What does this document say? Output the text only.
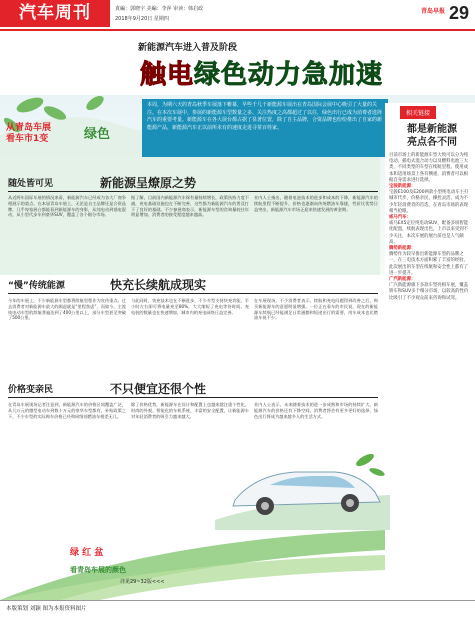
汽车周刊	責編：郭晓宇 美編：李萍 审读：韩启政
2018年9月20日 星期四
青岛早报 29
新能源汽车进入普及阶段
触电绿色动力急加速
从青岛车展
看车市1变	绿色
本周，为期六天的青岛秋季车展落下帷幕，早些千几千新能源车展出在青岛国际会展中心吸引了大量的关注。在本次车展中，参展的新能源车型数量之多、关注热度之高都超过了以往，绿色出行已成为消费者选择汽车的重要考量。新能源车在各大展台都占据了显著位置，除了自主品牌，合资品牌也纷纷推出了自家的新能源产品，新能源汽车正以前所未有的速度走进寻常百姓家。
相关链接
都是新能源
亮点各不同
目前市场上的新能源车型大致可以分为纯电动、插电式混合动力以及燃料电池三大类，不同类型的车型在续航里程、使用成本和适用场景上各有侧重，消费者可以根据自身需求进行选择。
宝骏新能源：
宝骏E100及E200两款小型纯电动车主打城市代步，价格亲民，操控灵活，成为不少年轻消费者的首选，在青岛市场的表现相当抢眼。
威马汽车：
威马EX5定位纯电动SUV，配备多项智能化配置，续航表现出色，上市以来受到不少关注，本次车展的展台前也是人气颇高。
腾势新能源：
腾势作为较早推出新能源车型的品牌之一，在三电技术方面积累了丰富的经验，此次展出的车型在续航和安全性上都有了进一步提升。
广汽新能源：
广汽新能源旗下多款车型亮相车展，覆盖轿车和SUV多个细分市场，以较高的性价比吸引了不少观众前来咨询和试驾。
随处皆可见	新能源呈燎原之势
从近两年国际车展的情况来看，新能源汽车已经成为各大厂商争相展示的重点。在本届青岛车展上，无论是自主品牌还是合资品牌，几乎每家展台都能看到新能源车的身影，从纯电动到插电混动，从小型代步车到豪华SUV，覆盖了各个细分市场。
据了解，目前国内新能源汽车保有量持续增长，政策扶持力度不减，充电基础设施也在不断完善，这些都为新能源汽车的普及打下了良好的基础。不少参展商表示，新能源车型的咨询量较往年明显增加，消费者的接受程度越来越高。
业内人士指出，随着电池技术的进步和成本的下降，新能源汽车的续航里程不断提升，价格也逐渐向传统燃油车靠拢，性价比优势日益突出，新能源汽车市场正迎来快速发展的黄金期。
“慢”传统能源	快充长续航成现实
今年的车展上，不少新能源车型都将续航里程作为宣传重点。过去消费者对新能源车最大的顾虑就是“里程焦虑”，而如今，主流纯电动车型的续航普遍达到了400公里以上，部分车型甚至突破了500公里。
与此同时，快充技术也在不断进步，不少车型支持快充功能，半小时左右即可将电量充至80%，大大缩短了充电等待时间。充电桩的数量也在快速增加，城市内的充电网络日益完善。
在车展现场，不少消费者表示，续航和充电问题得到改善之后，购买新能源车的意愿明显增强。一位正在看车的市民说，现在的新能源车续航已经能满足日常通勤和短途出行的需要，用车成本也比燃油车低不少。
价格变亲民	不只便宜还很个性
在青岛车展现场记者注意到，新能源汽车的价格区间覆盖广泛，从几万元的微型电动车到数十万元的豪华车型都有，补贴政策之下，不少车型的实际购车价格已经和同级别燃油车相差无几。
除了价格优势，新能源车在设计和配置上也越来越注重个性化，时尚的外观、智能化的车机系统、丰富的安全配置，让新能源车对年轻消费者的吸引力越来越大。
业内人士表示，未来随着技术的进一步成熟和市场的持续扩大，新能源汽车的价格还有下降空间，消费者将会有更多更好的选择，绿色出行将成为越来越多人的生活方式。
绿 红 盆
看青岛车展的颜色
详见29~32版<<<
本版策划 刘颖 图为本报资料图片
